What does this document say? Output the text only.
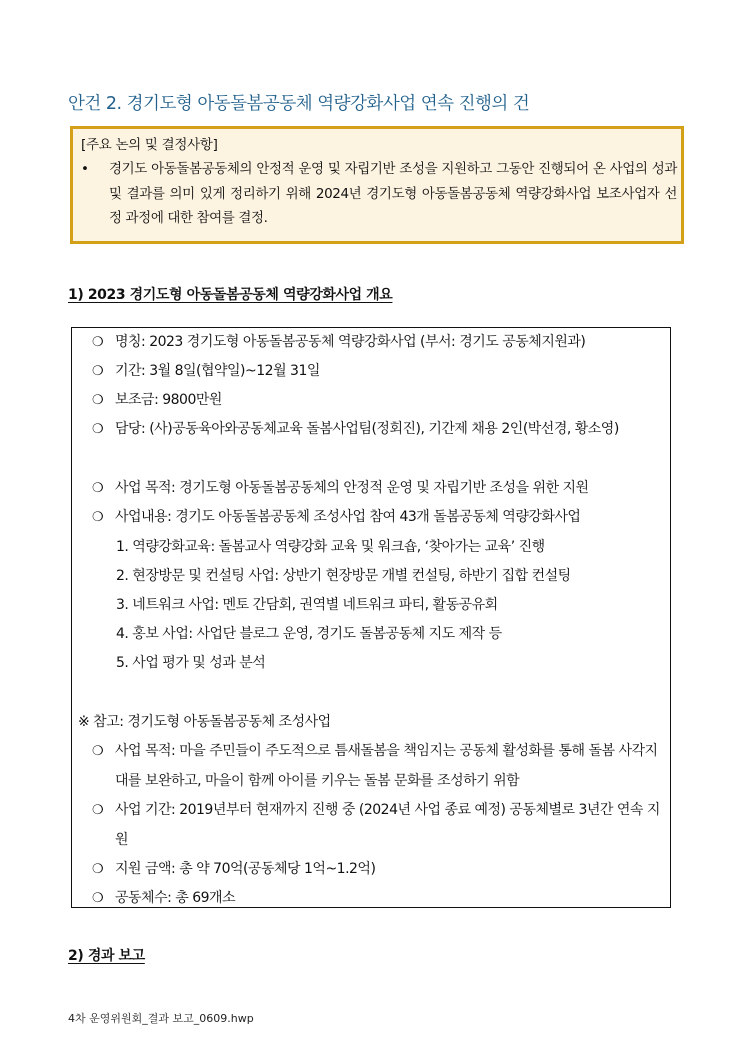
안건 2. 경기도형 아동돌봄공동체 역량강화사업 연속 진행의 건
[주요 논의 및 결정사항]
• 경기도 아동돌봄공동체의 안정적 운영 및 자립기반 조성을 지원하고 그동안 진행되어 온 사업의 성과 및 결과를 의미 있게 정리하기 위해 2024년 경기도형 아동돌봄공동체 역량강화사업 보조사업자 선정 과정에 대한 참여를 결정.
1) 2023 경기도형 아동돌봄공동체 역량강화사업 개요
❍ 명칭: 2023 경기도형 아동돌봄공동체 역량강화사업 (부서: 경기도 공동체지원과)
❍ 기간: 3월 8일(협약일)~12월 31일
❍ 보조금: 9800만원
❍ 담당: (사)공동육아와공동체교육 돌봄사업팀(정회진), 기간제 채용 2인(박선경, 황소영)
❍ 사업 목적: 경기도형 아동돌봄공동체의 안정적 운영 및 자립기반 조성을 위한 지원
❍ 사업내용: 경기도 아동돌봄공동체 조성사업 참여 43개 돌봄공동체 역량강화사업
1. 역량강화교육: 돌봄교사 역량강화 교육 및 워크숍, ‘찾아가는 교육’ 진행
2. 현장방문 및 컨설팅 사업: 상반기 현장방문 개별 컨설팅, 하반기 집합 컨설팅
3. 네트워크 사업: 멘토 간담회, 권역별 네트워크 파티, 활동공유회
4. 홍보 사업: 사업단 블로그 운영, 경기도 돌봄공동체 지도 제작 등
5. 사업 평가 및 성과 분석
※ 참고: 경기도형 아동돌봄공동체 조성사업
❍ 사업 목적: 마을 주민들이 주도적으로 틈새돌봄을 책임지는 공동체 활성화를 통해 돌봄 사각지대를 보완하고, 마을이 함께 아이를 키우는 돌봄 문화를 조성하기 위함
❍ 사업 기간: 2019년부터 현재까지 진행 중 (2024년 사업 종료 예정) 공동체별로 3년간 연속 지원
❍ 지원 금액: 총 약 70억(공동체당 1억~1.2억)
❍ 공동체수: 총 69개소
2) 경과 보고
4차 운영위원회_결과 보고_0609.hwp
